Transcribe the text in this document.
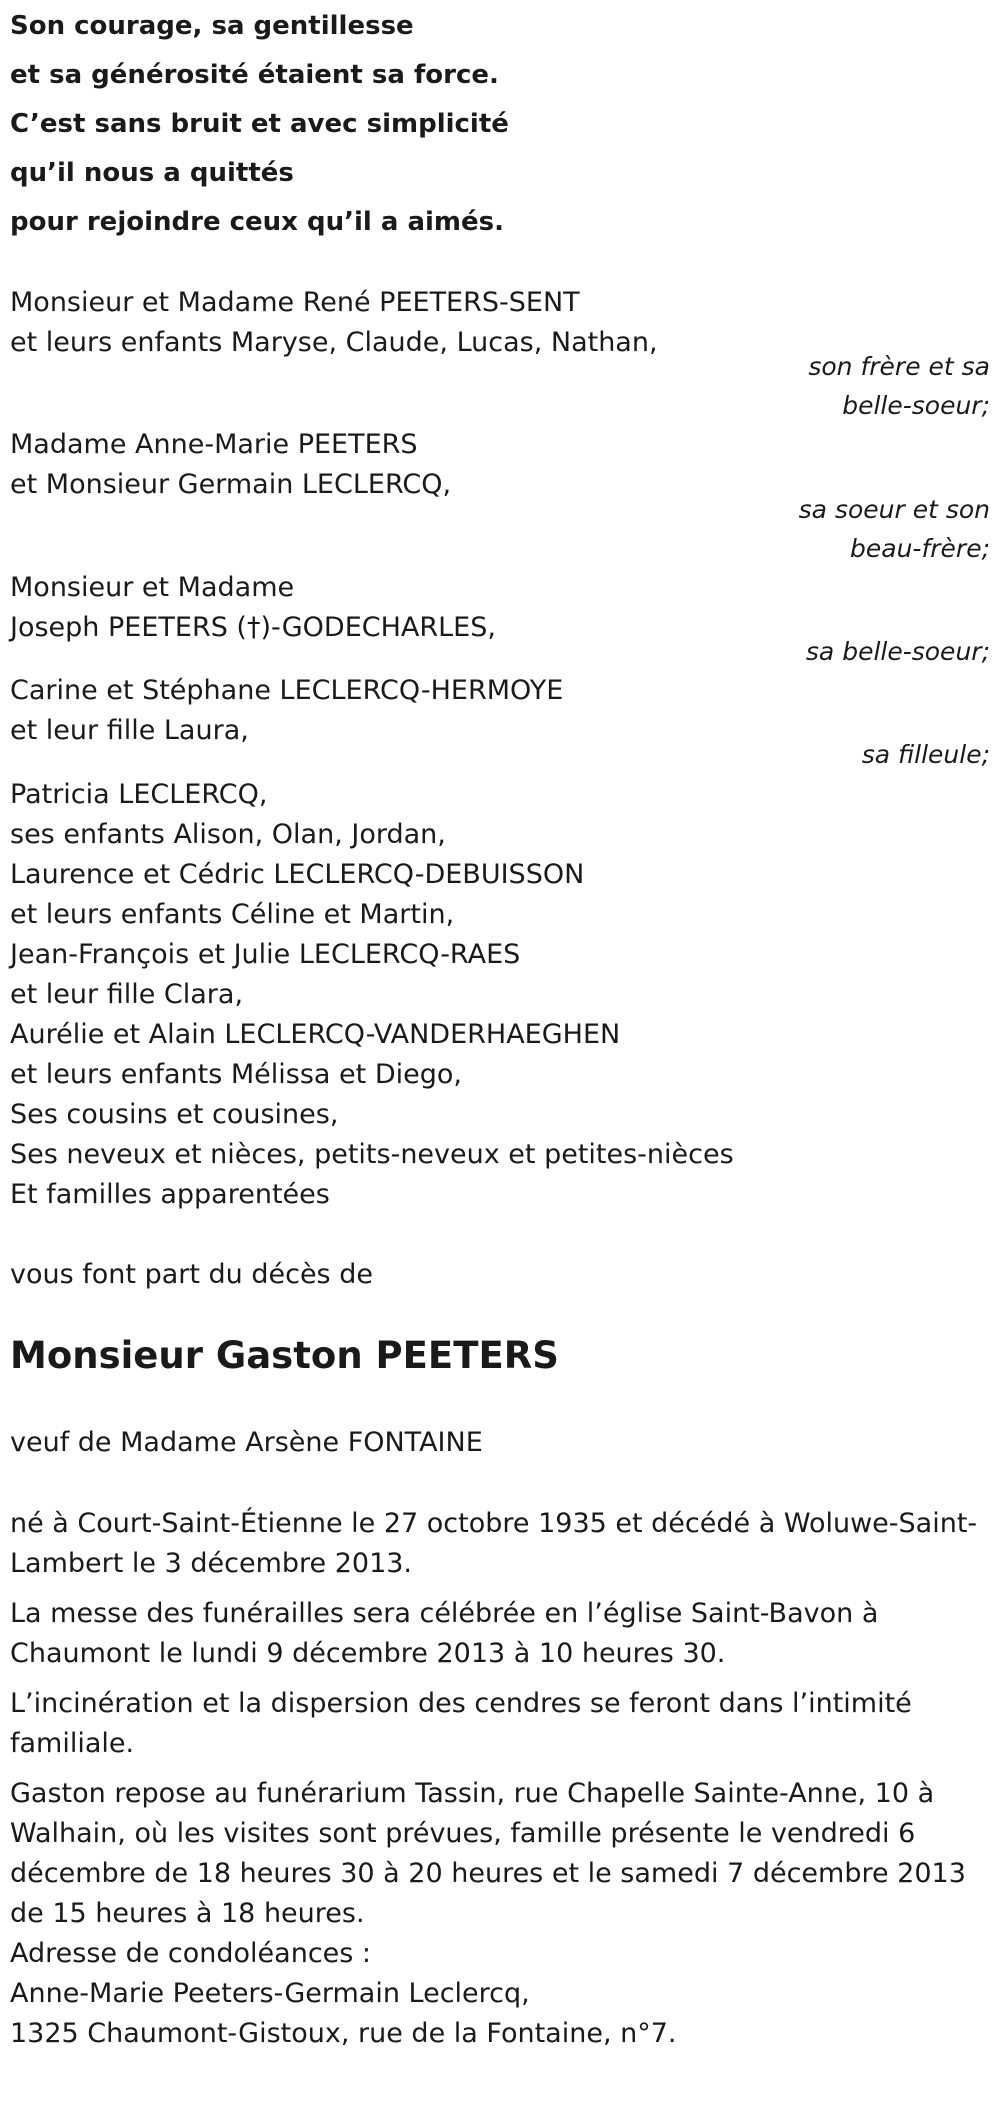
Son courage, sa gentillesse
et sa générosité étaient sa force.
C’est sans bruit et avec simplicité
qu’il nous a quittés
pour rejoindre ceux qu’il a aimés.
Monsieur et Madame René PEETERS-SENT
et leurs enfants Maryse, Claude, Lucas, Nathan,
son frère et sa
belle-soeur;
Madame Anne-Marie PEETERS
et Monsieur Germain LECLERCQ,
sa soeur et son
beau-frère;
Monsieur et Madame
Joseph PEETERS (†)-GODECHARLES,
sa belle-soeur;
Carine et Stéphane LECLERCQ-HERMOYE
et leur fille Laura,
sa filleule;
Patricia LECLERCQ,
ses enfants Alison, Olan, Jordan,
Laurence et Cédric LECLERCQ-DEBUISSON
et leurs enfants Céline et Martin,
Jean-François et Julie LECLERCQ-RAES
et leur fille Clara,
Aurélie et Alain LECLERCQ-VANDERHAEGHEN
et leurs enfants Mélissa et Diego,
Ses cousins et cousines,
Ses neveux et nièces, petits-neveux et petites-nièces
Et familles apparentées
vous font part du décès de
Monsieur Gaston PEETERS
veuf de Madame Arsène FONTAINE
né à Court-Saint-Étienne le 27 octobre 1935 et décédé à Woluwe-Saint-Lambert le 3 décembre 2013.
La messe des funérailles sera célébrée en l’église Saint-Bavon à Chaumont le lundi 9 décembre 2013 à 10 heures 30.
L’incinération et la dispersion des cendres se feront dans l’intimité familiale.
Gaston repose au funérarium Tassin, rue Chapelle Sainte-Anne, 10 à Walhain, où les visites sont prévues, famille présente le vendredi 6 décembre de 18 heures 30 à 20 heures et le samedi 7 décembre 2013 de 15 heures à 18 heures.
Adresse de condoléances :
Anne-Marie Peeters-Germain Leclercq,
1325 Chaumont-Gistoux, rue de la Fontaine, n°7.
